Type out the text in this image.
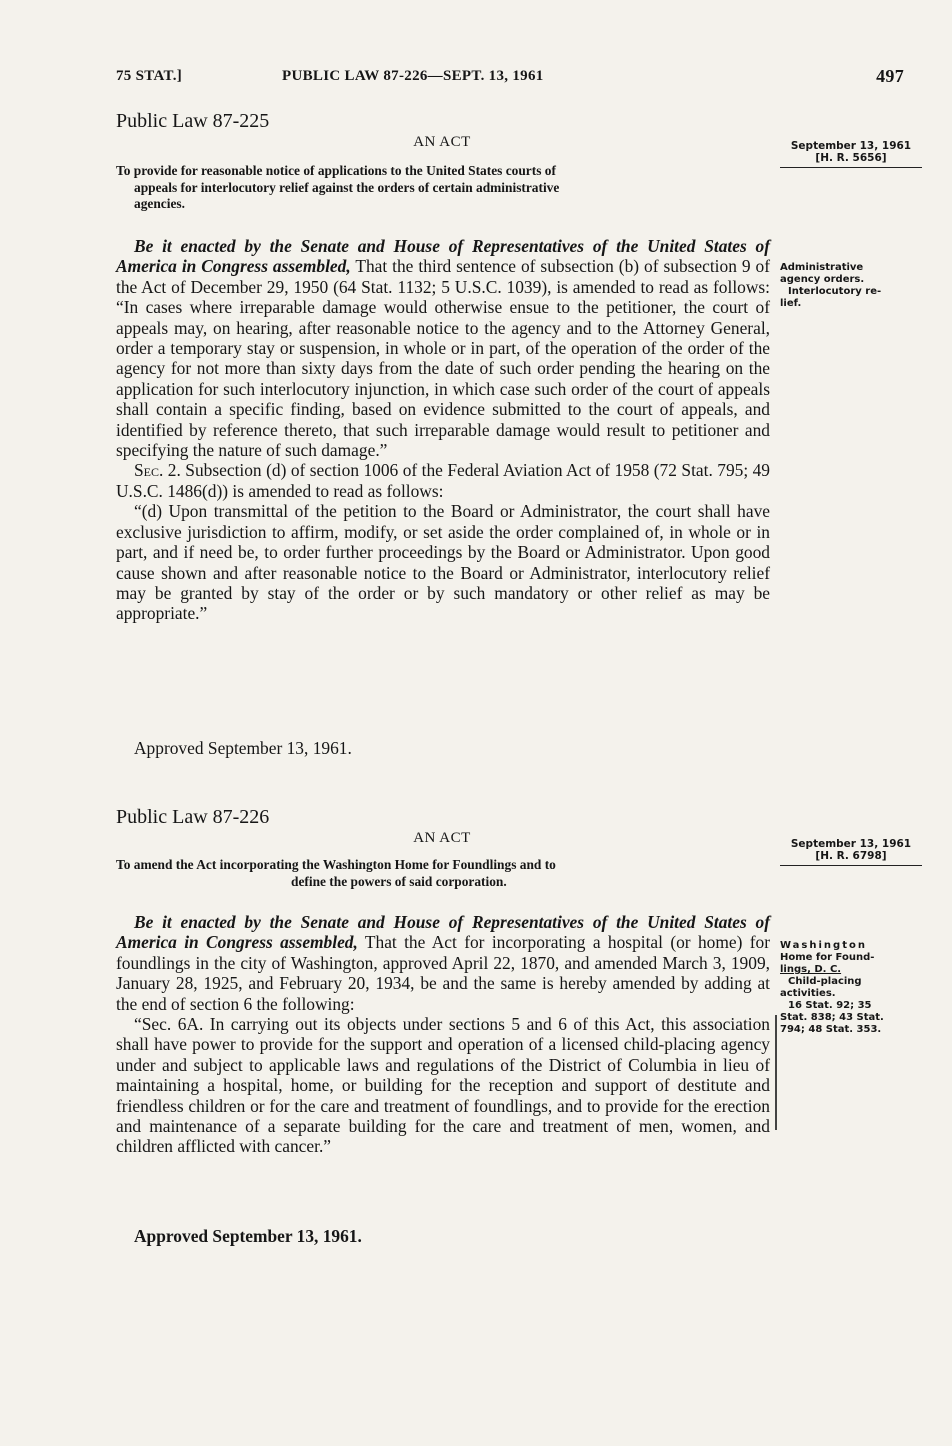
75 STAT.]	PUBLIC LAW 87-226—SEPT. 13, 1961	497
Public Law 87-225
AN ACT
To provide for reasonable notice of applications to the United States courts of
appeals for interlocutory relief against the orders of certain administrative
agencies.
September 13, 1961
[H. R. 5656]
Administrative
agency orders.
Interlocutory re-
lief.

Be it enacted by the Senate and House of Representatives of the United States of America in Congress assembled, That the third sentence of subsection (b) of subsection 9 of the Act of December 29, 1950 (64 Stat. 1132; 5 U.S.C. 1039), is amended to read as follows: “In cases where irreparable damage would otherwise ensue to the petitioner, the court of appeals may, on hearing, after reasonable notice to the agency and to the Attorney General, order a temporary stay or suspension, in whole or in part, of the operation of the order of the agency for not more than sixty days from the date of such order pending the hearing on the application for such interlocutory injunction, in which case such order of the court of appeals shall contain a specific finding, based on evidence submitted to the court of appeals, and identified by reference thereto, that such irreparable damage would result to petitioner and specifying the nature of such damage.”

Sec. 2. Subsection (d) of section 1006 of the Federal Aviation Act of 1958 (72 Stat. 795; 49 U.S.C. 1486(d)) is amended to read as follows:

“(d) Upon transmittal of the petition to the Board or Administrator, the court shall have exclusive jurisdiction to affirm, modify, or set aside the order complained of, in whole or in part, and if need be, to order further proceedings by the Board or Administrator. Upon good cause shown and after reasonable notice to the Board or Administrator, interlocutory relief may be granted by stay of the order or by such mandatory or other relief as may be appropriate.”

Approved September 13, 1961.
Public Law 87-226
AN ACT
To amend the Act incorporating the Washington Home for Foundlings and to
define the powers of said corporation.
September 13, 1961
[H. R. 6798]
Washington
Home for Found-
lings, D. C.
Child-placing
activities.
16 Stat. 92; 35
Stat. 838; 43 Stat.
794; 48 Stat. 353.

Be it enacted by the Senate and House of Representatives of the United States of America in Congress assembled, That the Act for incorporating a hospital (or home) for foundlings in the city of Washington, approved April 22, 1870, and amended March 3, 1909, January 28, 1925, and February 20, 1934, be and the same is hereby amended by adding at the end of section 6 the following:

“Sec. 6A. In carrying out its objects under sections 5 and 6 of this Act, this association shall have power to provide for the support and operation of a licensed child-placing agency under and subject to applicable laws and regulations of the District of Columbia in lieu of maintaining a hospital, home, or building for the reception and support of destitute and friendless children or for the care and treatment of foundlings, and to provide for the erection and maintenance of a separate building for the care and treatment of men, women, and children afflicted with cancer.”

Approved September 13, 1961.
